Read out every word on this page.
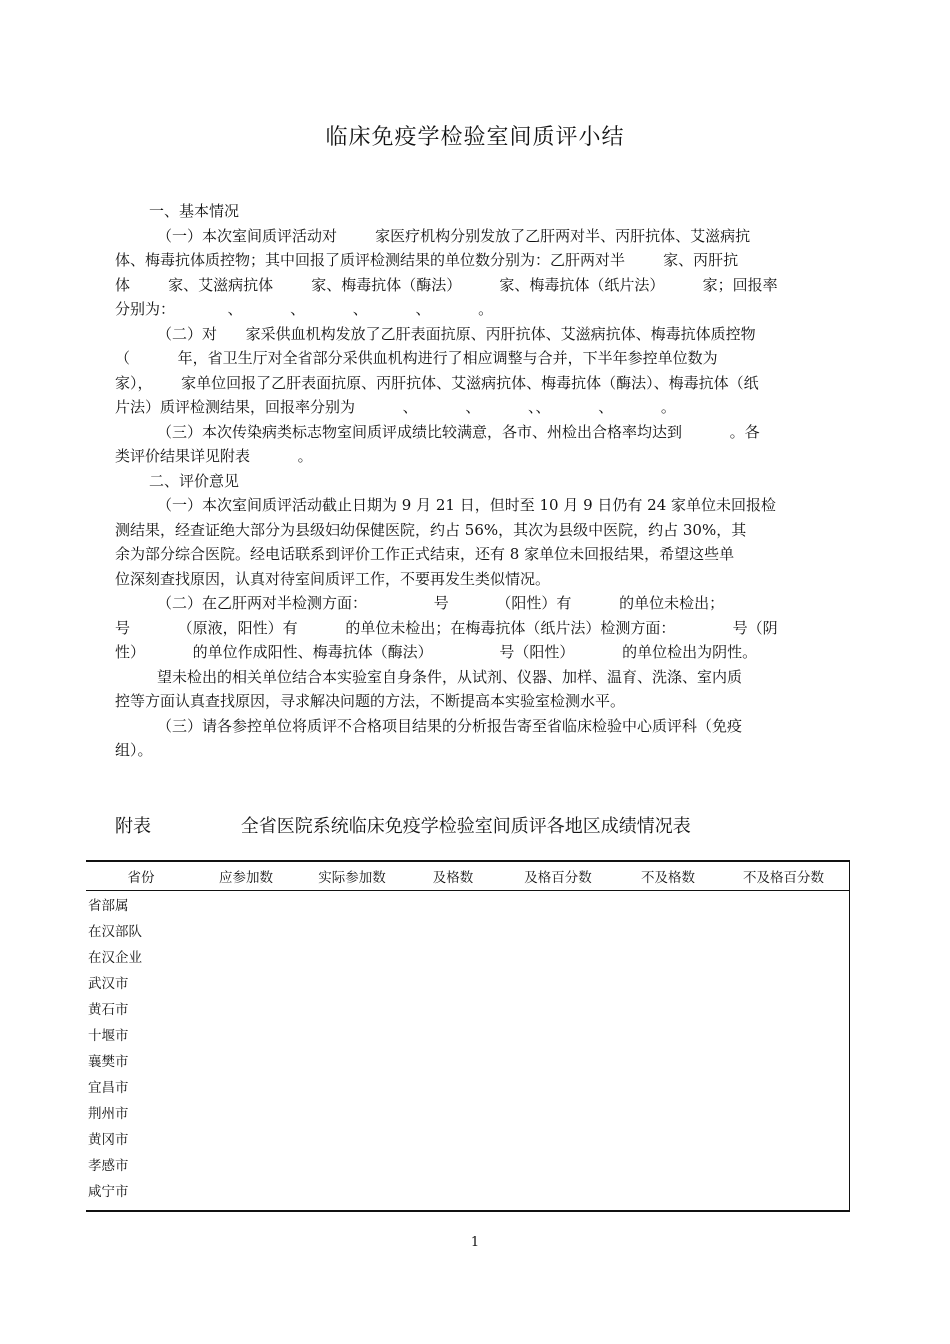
临床免疫学检验室间质评小结
一、基本情况
（一）本次室间质评活动对        家医疗机构分别发放了乙肝两对半、丙肝抗体、艾滋病抗
体、梅毒抗体质控物；其中回报了质评检测结果的单位数分别为：乙肝两对半        家、丙肝抗
体        家、艾滋病抗体        家、梅毒抗体（酶法）        家、梅毒抗体（纸片法）        家；回报率
分别为：           、          、          、          、          。
（二）对      家采供血机构发放了乙肝表面抗原、丙肝抗体、艾滋病抗体、梅毒抗体质控物
（          年，省卫生厅对全省部分采供血机构进行了相应调整与合并，下半年参控单位数为
家），      家单位回报了乙肝表面抗原、丙肝抗体、艾滋病抗体、梅毒抗体（酶法）、梅毒抗体（纸
片法）质评检测结果，回报率分别为          、          、          、、          、          。
（三）本次传染病类标志物室间质评成绩比较满意，各市、州检出合格率均达到          。各
类评价结果详见附表          。
二、评价意见
（一）本次室间质评活动截止日期为 9 月 21 日，但时至 10 月 9 日仍有 24 家单位未回报检
测结果，经查证绝大部分为县级妇幼保健医院，约占 56%，其次为县级中医院，约占 30%，其
余为部分综合医院。经电话联系到评价工作正式结束，还有 8 家单位未回报结果，希望这些单
位深刻查找原因，认真对待室间质评工作，不要再发生类似情况。
（二）在乙肝两对半检测方面：              号          （阳性）有          的单位未检出；
号          （原液，阳性）有          的单位未检出；在梅毒抗体（纸片法）检测方面：            号（阴
性）          的单位作成阳性、梅毒抗体（酶法）              号（阳性）          的单位检出为阴性。
望未检出的相关单位结合本实验室自身条件，从试剂、仪器、加样、温育、洗涤、室内质
控等方面认真查找原因，寻求解决问题的方法，不断提高本实验室检测水平。
（三）请各参控单位将质评不合格项目结果的分析报告寄至省临床检验中心质评科（免疫
组）。
附表	全省医院系统临床免疫学检验室间质评各地区成绩情况表
省份	应参加数	实际参加数	及格数	及格百分数	不及格数	不及格百分数
省部属						
在汉部队						
在汉企业						
武汉市						
黄石市						
十堰市						
襄樊市						
宜昌市						
荆州市						
黄冈市						
孝感市						
咸宁市						
1
